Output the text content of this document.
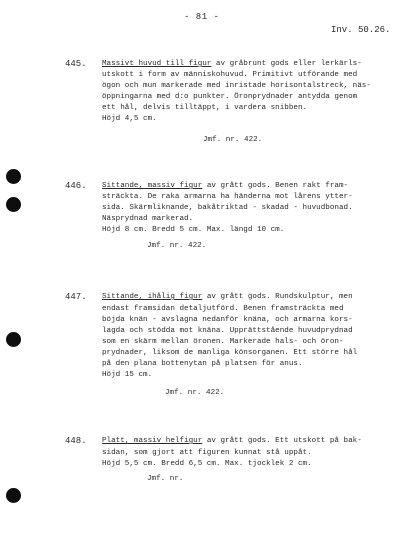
- 81 -
Inv. 50.26.
445. Massivt huvud till figur av gråbrunt gods eller lerkärls-
utskott i form av människohuvud. Primitivt utförande med
ögon och mun markerade med inristade horisontalstreck, näs-
öppningarna med d:o punkter. Öronprydnader antydda genom
ett hål, delvis tilltäppt, i vardera snibben.
Höjd 4,5 cm.
Jmf. nr. 422.
446. Sittande, massiv figur av grått gods. Benen rakt fram-
sträckta. De raka armarna ha händerna mot lårens ytter-
sida. Skärmliknande, bakåtriktad - skadad - huvudbonad.
Näsprydnad markerad.
Höjd 8 cm. Bredd 5 cm. Max. längd 10 cm.
Jmf. nr. 422.
447. Sittande, ihålig figur av grått gods. Rundskulptur, men
endast framsidan detaljutförd. Benen framsträckta med
böjda knän - avslagna nedanför knäna, och armarna kors-
lagda och stödda mot knäna. Upprättstående huvudprydnad
som en skärm mellan öronen. Markerade hals- och öron-
prydnader, liksom de manliga könsorganen. Ett större hål
på den plana bottenytan på platsen för anus.
Höjd 15 cm.
Jmf. nr. 422.
448. Platt, massiv helfigur av grått gods. Ett utskott på bak-
sidan, som gjort att figuren kunnat stå uppåt.
Höjd 5,5 cm. Bredd 6,5 cm. Max. tjocklek 2 cm.
Jmf. nr.
